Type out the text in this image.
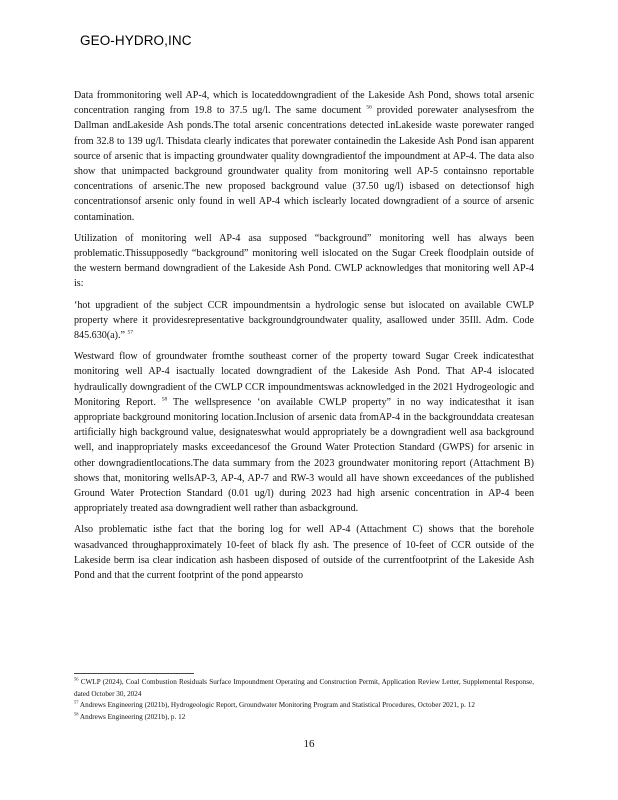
GEO-HYDRO,INC

Data frommonitoring well AP-4, which is locateddowngradient of the Lakeside Ash Pond, shows total arsenic concentration ranging from 19.8 to 37.5 ug/l. The same document $^{56}$ provided porewater analysesfrom the Dallman andLakeside Ash ponds.The total arsenic concentrations detected inLakeside waste porewater ranged from 32.8 to 139 ug/l. Thisdata clearly indicates that porewater containedin the Lakeside Ash Pond isan apparent source of arsenic that is impacting groundwater quality downgradientof the impoundment at AP-4. The data also show that unimpacted background groundwater quality from monitoring well AP-5 containsno reportable concentrations of arsenic.The new proposed background value (37.50 ug/l) isbased on detectionsof high concentrationsof arsenic only found in well AP-4 which isclearly located downgradient of a source of arsenic contamination.

Utilization of monitoring well AP-4 asa supposed “background” monitoring well has always been problematic.Thissupposedly “background” monitoring well islocated on the Sugar Creek floodplain outside of the western bermand downgradient of the Lakeside Ash Pond. CWLP acknowledges that monitoring well AP-4 is:

‘hot upgradient of the subject CCR impoundmentsin a hydrologic sense but islocated on available CWLP property where it providesrepresentative backgroundgroundwater quality, asallowed under 35Ill. Adm. Code 845.630(a).” $^{57}$

Westward flow of groundwater fromthe southeast corner of the property toward Sugar Creek indicatesthat monitoring well AP-4 isactually located downgradient of the Lakeside Ash Pond. That AP-4 islocated hydraulically downgradient of the CWLP CCR impoundmentswas acknowledged in the 2021 Hydrogeologic and Monitoring Report. $^{58}$ The wellspresence ‘on available CWLP property” in no way indicatesthat it isan appropriate background monitoring location.Inclusion of arsenic data fromAP-4 in the backgrounddata createsan artificially high background value, designateswhat would appropriately be a downgradient well asa background well, and inappropriately masks exceedancesof the Ground Water Protection Standard (GWPS) for arsenic in other downgradientlocations.The data summary from the 2023 groundwater monitoring report (Attachment B) shows that, monitoring wellsAP-3, AP-4, AP-7 and RW-3 would all have shown exceedances of the published Ground Water Protection Standard (0.01 ug/l) during 2023 had high arsenic concentration in AP-4 been appropriately treated asa downgradient well rather than asbackground.

Also problematic isthe fact that the boring log for well AP-4 (Attachment C) shows that the borehole wasadvanced throughapproximately 10-feet of black fly ash. The presence of 10-feet of CCR outside of the Lakeside berm isa clear indication ash hasbeen disposed of outside of the currentfootprint of the Lakeside Ash Pond and that the current footprint of the pond appearsto

$^{56}$ CWLP (2024), Coal Combustion Residuals Surface Impoundment Operating and Construction Permit, Application Review Letter, Supplemental Response, dated October 30, 2024

$^{57}$ Andrews Engineering (2021b), Hydrogeologic Report, Groundwater Monitoring Program and Statistical Procedures, October 2021, p. 12

$^{58}$ Andrews Engineering (2021b), p. 12

16
